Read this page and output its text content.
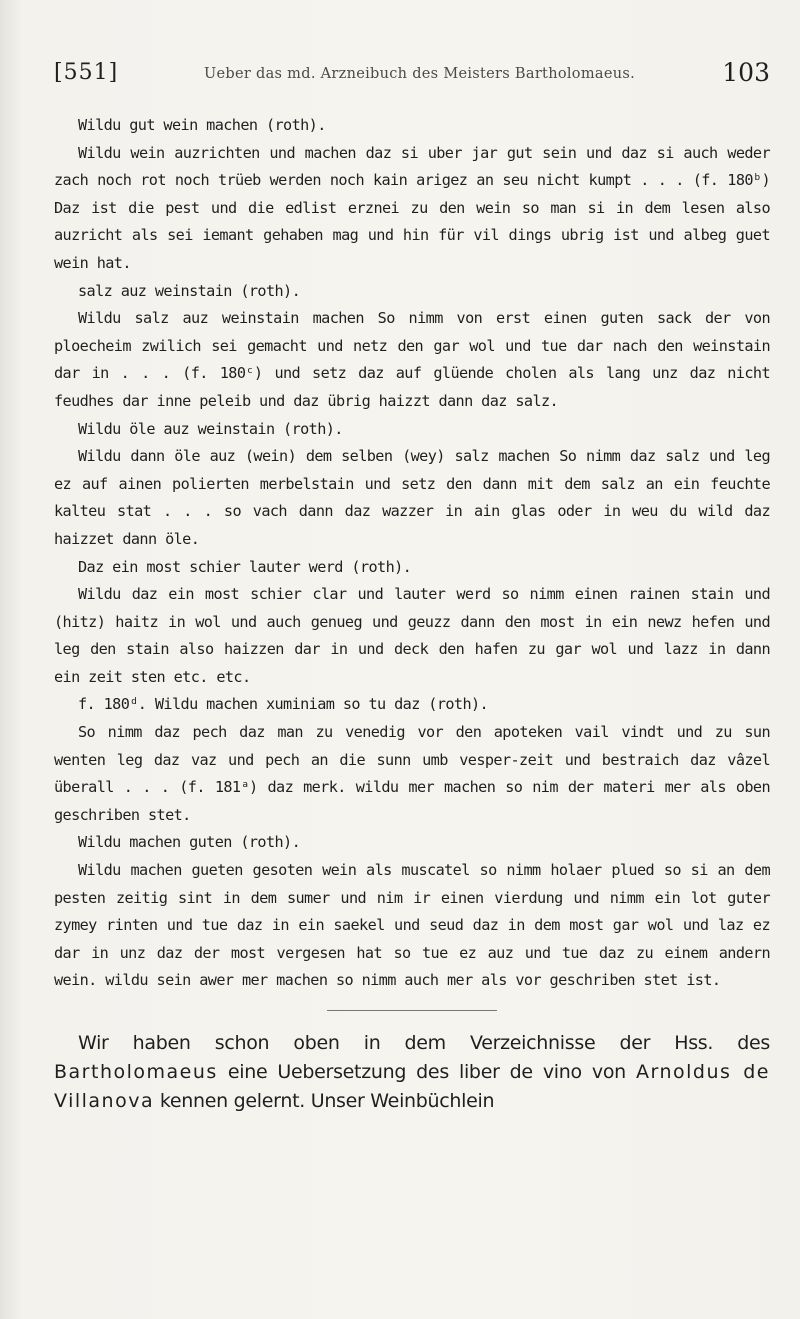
[551]	Ueber das md. Arzneibuch des Meisters Bartholomaeus.	103

Wildu gut wein machen (roth).

Wildu wein auzrichten und machen daz si uber jar gut sein und daz si auch weder zach noch rot noch trüeb werden noch kain arigez an seu nicht kumpt . . . (f. 180ᵇ) Daz ist die pest und die edlist erznei zu den wein so man si in dem lesen also auzricht als sei iemant gehaben mag und hin für vil dings ubrig ist und albeg guet wein hat.

salz auz weinstain (roth).

Wildu salz auz weinstain machen So nimm von erst einen guten sack der von ploecheim zwilich sei gemacht und netz den gar wol und tue dar nach den weinstain dar in . . . (f. 180ᶜ) und setz daz auf glüende cholen als lang unz daz nicht feudhes dar inne peleib und daz übrig haizzt dann daz salz.

Wildu öle auz weinstain (roth).

Wildu dann öle auz (wein) dem selben (wey) salz machen So nimm daz salz und leg ez auf ainen polierten merbelstain und setz den dann mit dem salz an ein feuchte kalteu stat . . . so vach dann daz wazzer in ain glas oder in weu du wild daz haizzet dann öle.

Daz ein most schier lauter werd (roth).

Wildu daz ein most schier clar und lauter werd so nimm einen rainen stain und (hitz) haitz in wol und auch genueg und geuzz dann den most in ein newz hefen und leg den stain also haizzen dar in und deck den hafen zu gar wol und lazz in dann ein zeit sten etc. etc.

f. 180ᵈ. Wildu machen xuminiam so tu daz (roth).

So nimm daz pech daz man zu venedig vor den apoteken vail vindt und zu sun wenten leg daz vaz und pech an die sunn umb vesper-zeit und bestraich daz vâzel überall . . . (f. 181ᵃ) daz merk. wildu mer machen so nim der materi mer als oben geschriben stet.

Wildu machen guten (roth).

Wildu machen gueten gesoten wein als muscatel so nimm holaer plued so si an dem pesten zeitig sint in dem sumer und nim ir einen vierdung und nimm ein lot guter zymey rinten und tue daz in ein saekel und seud daz in dem most gar wol und laz ez dar in unz daz der most vergesen hat so tue ez auz und tue daz zu einem andern wein. wildu sein awer mer machen so nimm auch mer als vor geschriben stet ist.

Wir haben schon oben in dem Verzeichnisse der Hss. des Bartholomaeus eine Uebersetzung des liber de vino von Arnoldus de Villanova kennen gelernt. Unser Weinbüchlein
